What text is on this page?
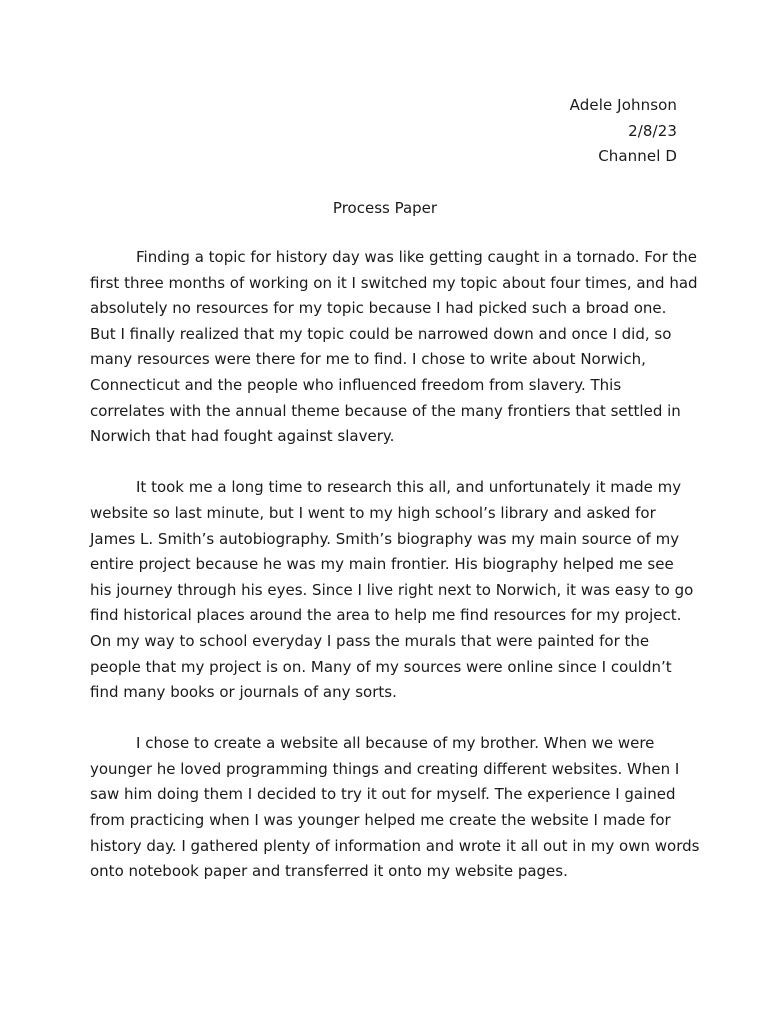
Adele Johnson
2/8/23
Channel D
Process Paper

Finding a topic for history day was like getting caught in a tornado. For the
first three months of working on it I switched my topic about four times, and had
absolutely no resources for my topic because I had picked such a broad one.
But I finally realized that my topic could be narrowed down and once I did, so
many resources were there for me to find. I chose to write about Norwich,
Connecticut and the people who influenced freedom from slavery. This
correlates with the annual theme because of the many frontiers that settled in
Norwich that had fought against slavery.

It took me a long time to research this all, and unfortunately it made my
website so last minute, but I went to my high school’s library and asked for
James L. Smith’s autobiography. Smith’s biography was my main source of my
entire project because he was my main frontier. His biography helped me see
his journey through his eyes. Since I live right next to Norwich, it was easy to go
find historical places around the area to help me find resources for my project.
On my way to school everyday I pass the murals that were painted for the
people that my project is on. Many of my sources were online since I couldn’t
find many books or journals of any sorts.

I chose to create a website all because of my brother. When we were
younger he loved programming things and creating different websites. When I
saw him doing them I decided to try it out for myself. The experience I gained
from practicing when I was younger helped me create the website I made for
history day. I gathered plenty of information and wrote it all out in my own words
onto notebook paper and transferred it onto my website pages.
